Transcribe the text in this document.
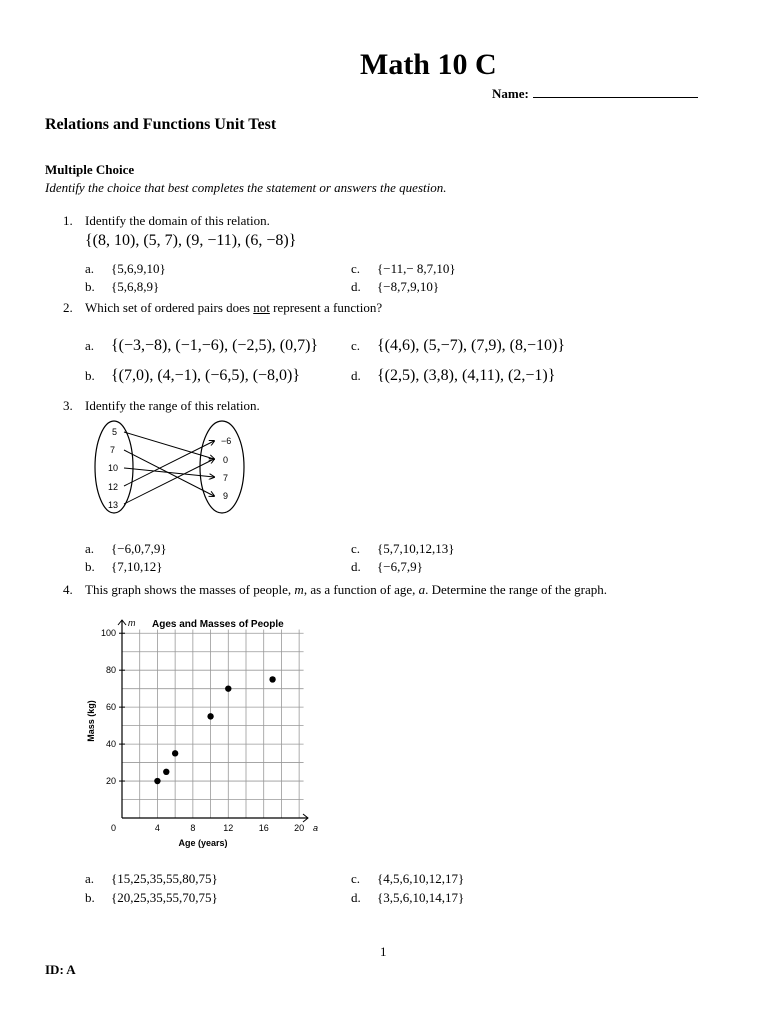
Math 10 C
Name:
Relations and Functions Unit Test
Multiple Choice
Identify the choice that best completes the statement or answers the question.
1. Identify the domain of this relation.
{(8, 10), (5, 7), (9, −11), (6, −8)}
a. {5,6,9,10}
b. {5,6,8,9}
c. {−11,− 8,7,10}
d. {−8,7,9,10}
2. Which set of ordered pairs does not represent a function?
a. {(−3,−8), (−1,−6), (−2,5), (0,7)}
b. {(7,0), (4,−1), (−6,5), (−8,0)}
c. {(4,6), (5,−7), (7,9), (8,−10)}
d. {(2,5), (3,8), (4,11), (2,−1)}
3. Identify the range of this relation.
5
7
10
12
13
−6
0
7
9
a. {−6,0,7,9}
b. {7,10,12}
c. {5,7,10,12,13}
d. {−6,7,9}
4. This graph shows the masses of people, m, as a function of age, a. Determine the range of the graph.
4	8	12	16	20
20
40
60
80
100
0
Ages and Masses of People
m
a
Age (years)
Mass (kg)
a. {15,25,35,55,80,75}
b. {20,25,35,55,70,75}
c. {4,5,6,10,12,17}
d. {3,5,6,10,14,17}
1
ID: A
